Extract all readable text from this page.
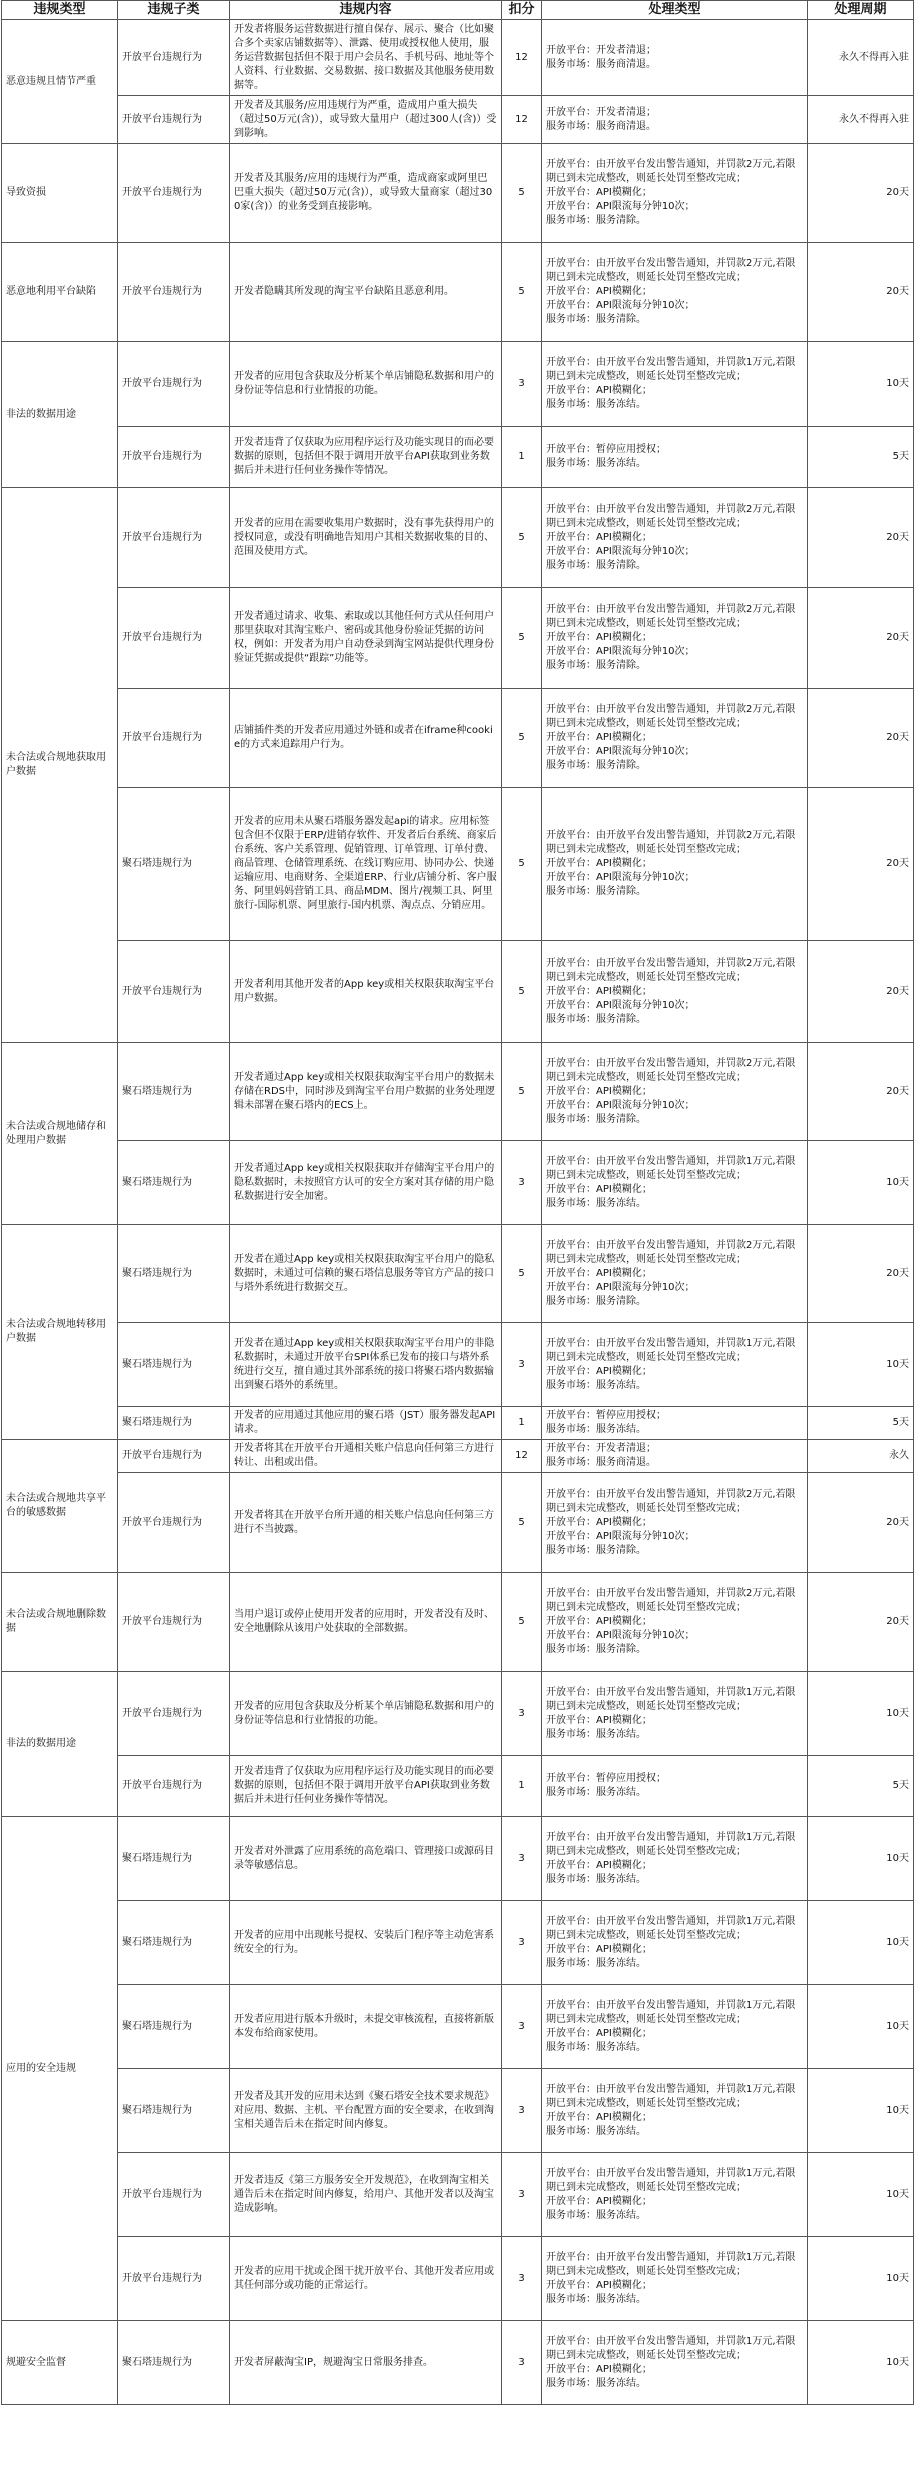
违规类型	违规子类	违规内容	扣分	处理类型	处理周期
恶意违规且情节严重	开放平台违规行为	开发者将服务运营数据进行擅自保存、展示、聚合（比如聚合多个卖家店铺数据等）、泄露、使用或授权他人使用，服务运营数据包括但不限于用户会员名、手机号码、地址等个人资料、行业数据、交易数据、接口数据及其他服务使用数据等。	12	开放平台：开发者清退；
服务市场：服务商清退。	永久不得再入驻
	开放平台违规行为	开发者及其服务/应用违规行为严重，造成用户重大损失（超过50万元(含)），或导致大量用户（超过300人(含)）受到影响。	12	开放平台：开发者清退；
服务市场：服务商清退。	永久不得再入驻
导致资损	开放平台违规行为	开发者及其服务/应用的违规行为严重，造成商家或阿里巴巴重大损失（超过50万元(含)），或导致大量商家（超过300家(含)）的业务受到直接影响。	5	开放平台：由开放平台发出警告通知，并罚款2万元,若限期已到未完成整改，则延长处罚至整改完成；
开放平台：API模糊化；
开放平台：API限流每分钟10次；
服务市场：服务清除。	20天
恶意地利用平台缺陷	开放平台违规行为	开发者隐瞒其所发现的淘宝平台缺陷且恶意利用。	5	开放平台：由开放平台发出警告通知，并罚款2万元,若限期已到未完成整改，则延长处罚至整改完成；
开放平台：API模糊化；
开放平台：API限流每分钟10次；
服务市场：服务清除。	20天
非法的数据用途	开放平台违规行为	开发者的应用包含获取及分析某个单店铺隐私数据和用户的身份证等信息和行业情报的功能。	3	开放平台：由开放平台发出警告通知，并罚款1万元,若限期已到未完成整改，则延长处罚至整改完成；
开放平台：API模糊化；
服务市场：服务冻结。	10天
	开放平台违规行为	开发者违背了仅获取为应用程序运行及功能实现目的而必要数据的原则，包括但不限于调用开放平台API获取到业务数据后并未进行任何业务操作等情况。	1	开放平台：暂停应用授权；
服务市场：服务冻结。	5天
未合法或合规地获取用户数据	开放平台违规行为	开发者的应用在需要收集用户数据时，没有事先获得用户的授权同意，或没有明确地告知用户其相关数据收集的目的、范围及使用方式。	5	开放平台：由开放平台发出警告通知，并罚款2万元,若限期已到未完成整改，则延长处罚至整改完成；
开放平台：API模糊化；
开放平台：API限流每分钟10次；
服务市场：服务清除。	20天
	开放平台违规行为	开发者通过请求、收集、索取或以其他任何方式从任何用户那里获取对其淘宝账户、密码或其他身份验证凭据的访问权，例如：开发者为用户自动登录到淘宝网站提供代理身份验证凭据或提供“跟踪”功能等。	5	开放平台：由开放平台发出警告通知，并罚款2万元,若限期已到未完成整改，则延长处罚至整改完成；
开放平台：API模糊化；
开放平台：API限流每分钟10次；
服务市场：服务清除。	20天
	开放平台违规行为	店铺插件类的开发者应用通过外链和或者在iframe种cookie的方式来追踪用户行为。	5	开放平台：由开放平台发出警告通知，并罚款2万元,若限期已到未完成整改，则延长处罚至整改完成；
开放平台：API模糊化；
开放平台：API限流每分钟10次；
服务市场：服务清除。	20天
	聚石塔违规行为	开发者的应用未从聚石塔服务器发起api的请求。应用标签包含但不仅限于ERP/进销存软件、开发者后台系统、商家后台系统、客户关系管理、促销管理、订单管理、订单付费、商品管理、仓储管理系统、在线订购应用、协同办公、快递运输应用、电商财务、全渠道ERP、行业/店铺分析、客户服务、阿里妈妈营销工具、商品MDM、图片/视频工具、阿里旅行-国际机票、阿里旅行-国内机票、淘点点、分销应用。	5	开放平台：由开放平台发出警告通知，并罚款2万元,若限期已到未完成整改，则延长处罚至整改完成；
开放平台：API模糊化；
开放平台：API限流每分钟10次；
服务市场：服务清除。	20天
	开放平台违规行为	开发者利用其他开发者的App key或相关权限获取淘宝平台用户数据。	5	开放平台：由开放平台发出警告通知，并罚款2万元,若限期已到未完成整改，则延长处罚至整改完成；
开放平台：API模糊化；
开放平台：API限流每分钟10次；
服务市场：服务清除。	20天
未合法或合规地储存和处理用户数据	聚石塔违规行为	开发者通过App key或相关权限获取淘宝平台用户的数据未存储在RDS中，同时涉及到淘宝平台用户数据的业务处理逻辑未部署在聚石塔内的ECS上。	5	开放平台：由开放平台发出警告通知，并罚款2万元,若限期已到未完成整改，则延长处罚至整改完成；
开放平台：API模糊化；
开放平台：API限流每分钟10次；
服务市场：服务清除。	20天
	聚石塔违规行为	开发者通过App key或相关权限获取并存储淘宝平台用户的隐私数据时，未按照官方认可的安全方案对其存储的用户隐私数据进行安全加密。	3	开放平台：由开放平台发出警告通知，并罚款1万元,若限期已到未完成整改，则延长处罚至整改完成；
开放平台：API模糊化；
服务市场：服务冻结。	10天
未合法或合规地转移用户数据	聚石塔违规行为	开发者在通过App key或相关权限获取淘宝平台用户的隐私数据时，未通过可信赖的聚石塔信息服务等官方产品的接口与塔外系统进行数据交互。	5	开放平台：由开放平台发出警告通知，并罚款2万元,若限期已到未完成整改，则延长处罚至整改完成；
开放平台：API模糊化；
开放平台：API限流每分钟10次；
服务市场：服务清除。	20天
	聚石塔违规行为	开发者在通过App key或相关权限获取淘宝平台用户的非隐私数据时，未通过开放平台SPI体系已发布的接口与塔外系统进行交互，擅自通过其外部系统的接口将聚石塔内数据输出到聚石塔外的系统里。	3	开放平台：由开放平台发出警告通知，并罚款1万元,若限期已到未完成整改，则延长处罚至整改完成；
开放平台：API模糊化；
服务市场：服务冻结。	10天
	聚石塔违规行为	开发者的应用通过其他应用的聚石塔（JST）服务器发起API请求。	1	开放平台：暂停应用授权；
服务市场：服务冻结。	5天
未合法或合规地共享平台的敏感数据	开放平台违规行为	开发者将其在开放平台开通相关账户信息向任何第三方进行转让、出租或出借。	12	开放平台：开发者清退；
服务市场：服务商清退。	永久
	开放平台违规行为	开发者将其在开放平台所开通的相关账户信息向任何第三方进行不当披露。	5	开放平台：由开放平台发出警告通知，并罚款2万元,若限期已到未完成整改，则延长处罚至整改完成；
开放平台：API模糊化；
开放平台：API限流每分钟10次；
服务市场：服务清除。	20天
未合法或合规地删除数据	开放平台违规行为	当用户退订或停止使用开发者的应用时，开发者没有及时、安全地删除从该用户处获取的全部数据。	5	开放平台：由开放平台发出警告通知，并罚款2万元,若限期已到未完成整改，则延长处罚至整改完成；
开放平台：API模糊化；
开放平台：API限流每分钟10次；
服务市场：服务清除。	20天
非法的数据用途	开放平台违规行为	开发者的应用包含获取及分析某个单店铺隐私数据和用户的身份证等信息和行业情报的功能。	3	开放平台：由开放平台发出警告通知，并罚款1万元,若限期已到未完成整改，则延长处罚至整改完成；
开放平台：API模糊化；
服务市场：服务冻结。	10天
	开放平台违规行为	开发者违背了仅获取为应用程序运行及功能实现目的而必要数据的原则，包括但不限于调用开放平台API获取到业务数据后并未进行任何业务操作等情况。	1	开放平台：暂停应用授权；
服务市场：服务冻结。	5天
应用的安全违规	聚石塔违规行为	开发者对外泄露了应用系统的高危端口、管理接口或源码目录等敏感信息。	3	开放平台：由开放平台发出警告通知，并罚款1万元,若限期已到未完成整改，则延长处罚至整改完成；
开放平台：API模糊化；
服务市场：服务冻结。	10天
	聚石塔违规行为	开发者的应用中出现帐号提权、安装后门程序等主动危害系统安全的行为。	3	开放平台：由开放平台发出警告通知，并罚款1万元,若限期已到未完成整改，则延长处罚至整改完成；
开放平台：API模糊化；
服务市场：服务冻结。	10天
	聚石塔违规行为	开发者应用进行版本升级时，未提交审核流程，直接将新版本发布给商家使用。	3	开放平台：由开放平台发出警告通知，并罚款1万元,若限期已到未完成整改，则延长处罚至整改完成；
开放平台：API模糊化；
服务市场：服务冻结。	10天
	聚石塔违规行为	开发者及其开发的应用未达到《聚石塔安全技术要求规范》对应用、数据、主机、平台配置方面的安全要求，在收到淘宝相关通告后未在指定时间内修复。	3	开放平台：由开放平台发出警告通知，并罚款1万元,若限期已到未完成整改，则延长处罚至整改完成；
开放平台：API模糊化；
服务市场：服务冻结。	10天
	开放平台违规行为	开发者违反《第三方服务安全开发规范》，在收到淘宝相关通告后未在指定时间内修复，给用户、其他开发者以及淘宝造成影响。	3	开放平台：由开放平台发出警告通知，并罚款1万元,若限期已到未完成整改，则延长处罚至整改完成；
开放平台：API模糊化；
服务市场：服务冻结。	10天
	开放平台违规行为	开发者的应用干扰或企图干扰开放平台、其他开发者应用或其任何部分或功能的正常运行。	3	开放平台：由开放平台发出警告通知，并罚款1万元,若限期已到未完成整改，则延长处罚至整改完成；
开放平台：API模糊化；
服务市场：服务冻结。	10天
规避安全监督	聚石塔违规行为	开发者屏蔽淘宝IP，规避淘宝日常服务排查。	3	开放平台：由开放平台发出警告通知，并罚款1万元,若限期已到未完成整改，则延长处罚至整改完成；
开放平台：API模糊化；
服务市场：服务冻结。	10天
